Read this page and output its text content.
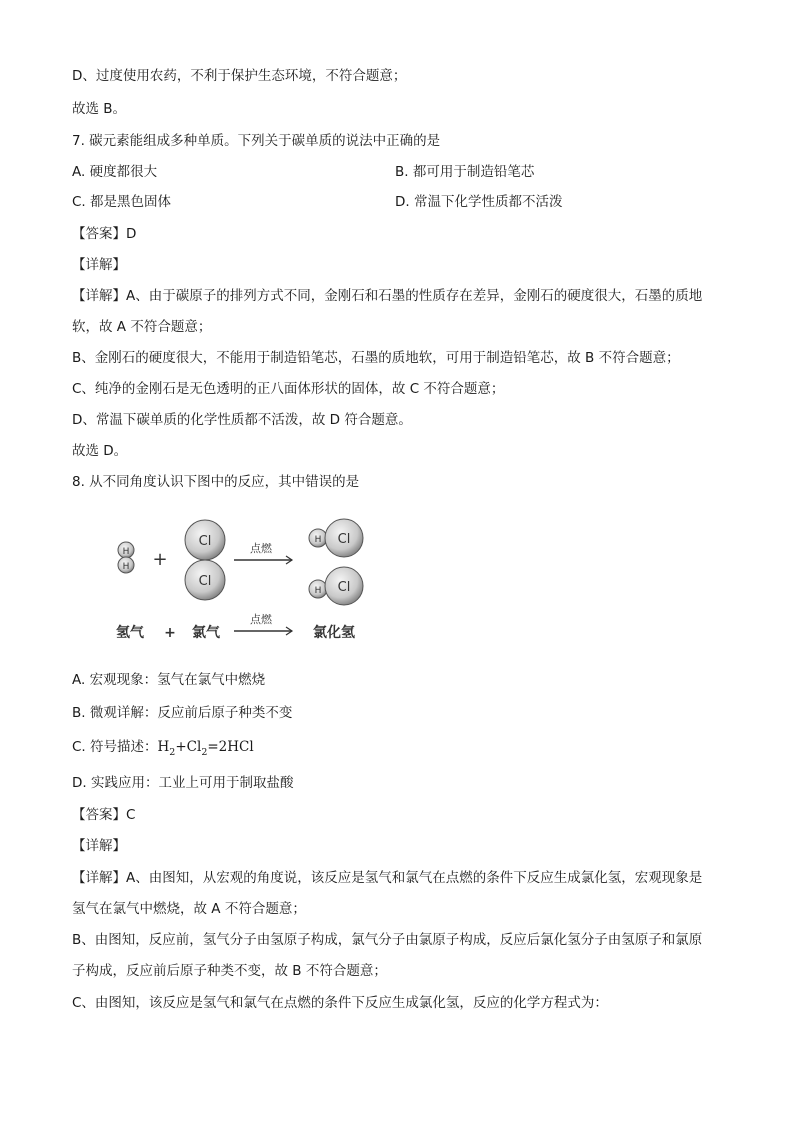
D、过度使用农药，不利于保护生态环境，不符合题意；
故选 B。
7. 碳元素能组成多种单质。下列关于碳单质的说法中正确的是
A. 硬度都很大	B. 都可用于制造铅笔芯
C. 都是黑色固体	D. 常温下化学性质都不活泼
【答案】D
【详解】
【详解】A、由于碳原子的排列方式不同，金刚石和石墨的性质存在差异，金刚石的硬度很大，石墨的质地
软，故 A 不符合题意；
B、金刚石的硬度很大，不能用于制造铅笔芯，石墨的质地软，可用于制造铅笔芯，故 B 不符合题意；
C、纯净的金刚石是无色透明的正八面体形状的固体，故 C 不符合题意；
D、常温下碳单质的化学性质都不活泼，故 D 符合题意。
故选 D。
8. 从不同角度认识下图中的反应，其中错误的是
H
H +
Cl
Cl
点燃
H Cl
H Cl
氢气 + 氯气
点燃
氯化氢
A. 宏观现象：氢气在氯气中燃烧
B. 微观详解：反应前后原子种类不变
C. 符号描述：$H_2+Cl_2=2HCl$
D. 实践应用：工业上可用于制取盐酸
【答案】C
【详解】
【详解】A、由图知，从宏观的角度说，该反应是氢气和氯气在点燃的条件下反应生成氯化氢，宏观现象是
氢气在氯气中燃烧，故 A 不符合题意；
B、由图知，反应前，氢气分子由氢原子构成，氯气分子由氯原子构成，反应后氯化氢分子由氢原子和氯原
子构成，反应前后原子种类不变，故 B 不符合题意；
C、由图知，该反应是氢气和氯气在点燃的条件下反应生成氯化氢，反应的化学方程式为：
